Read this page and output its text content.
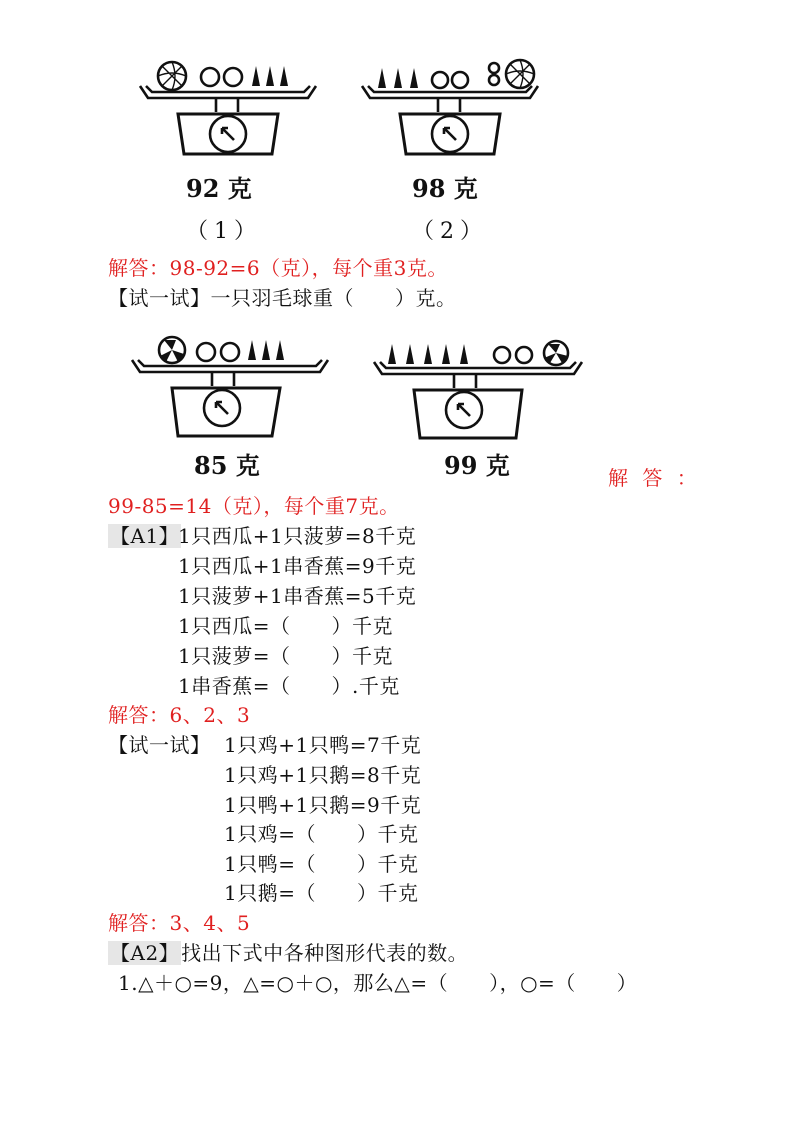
92 克
（1）
98 克
（2）
解答：98-92=6（克），每个重3克。
【试一试】一只羽毛球重（　　）克。
85 克	99 克	解 答 ：
99-85=14（克），每个重7克。
【A1】
1只西瓜+1只菠萝=8千克
1只西瓜+1串香蕉=9千克
1只菠萝+1串香蕉=5千克
1只西瓜=（　　）千克
1只菠萝=（　　）千克
1串香蕉=（　　）.千克
解答：6、2、3
【试一试】 1只鸡+1只鸭=7千克
1只鸡+1只鹅=8千克
1只鸭+1只鹅=9千克
1只鸡=（　　）千克
1只鸭=（　　）千克
1只鹅=（　　）千克
解答：3、4、5
【A2】 找出下式中各种图形代表的数。
1.△＋○=9，△=○＋○，那么△=（　　），○=（　　）
